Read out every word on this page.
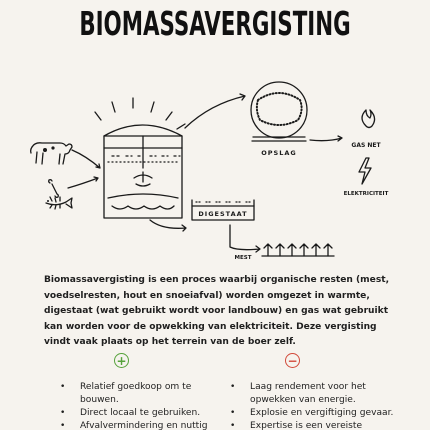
BIOMASSAVERGISTING
OPSLAG
GAS NET
ELEKTRICITEIT
DIGESTAAT
MEST
Biomassavergisting is een proces waarbij organische resten (mest, voedselresten, hout en snoeiafval) worden omgezet in warmte, digestaat (wat gebruikt wordt voor landbouw) en gas wat gebruikt kan worden voor de opwekking van elektriciteit. Deze vergisting vindt vaak plaats op het terrein van de boer zelf.
+	−
• Relatief goedkoop om te bouwen.
• Direct locaal te gebruiken.
• Afvalvermindering en nuttig
• Laag rendement voor het opwekken van energie.
• Explosie en vergiftiging gevaar.
• Expertise is een vereiste
